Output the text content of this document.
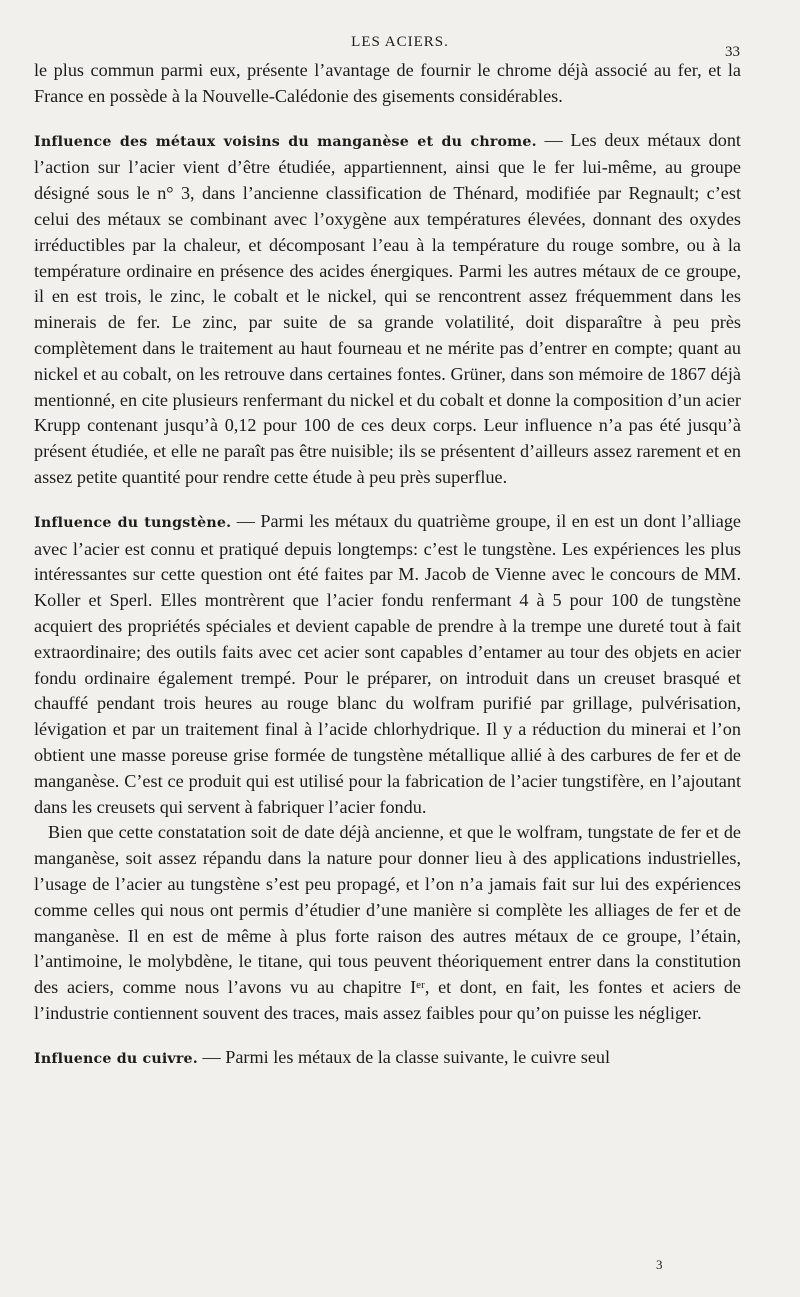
LES ACIERS.
33

le plus commun parmi eux, présente l’avantage de fournir le chrome déjà associé au fer, et la France en possède à la Nouvelle-Calédonie des gisements considérables.

Influence des métaux voisins du manganèse et du chrome. — Les deux métaux dont l’action sur l’acier vient d’être étudiée, appartiennent, ainsi que le fer lui-même, au groupe désigné sous le n° 3, dans l’ancienne classification de Thénard, modifiée par Regnault; c’est celui des métaux se combinant avec l’oxygène aux températures élevées, donnant des oxydes irréductibles par la chaleur, et décomposant l’eau à la température du rouge sombre, ou à la température ordinaire en présence des acides énergiques. Parmi les autres métaux de ce groupe, il en est trois, le zinc, le cobalt et le nickel, qui se rencontrent assez fréquemment dans les minerais de fer. Le zinc, par suite de sa grande volatilité, doit disparaître à peu près complètement dans le traitement au haut fourneau et ne mérite pas d’entrer en compte; quant au nickel et au cobalt, on les retrouve dans certaines fontes. Grüner, dans son mémoire de 1867 déjà mentionné, en cite plusieurs renfermant du nickel et du cobalt et donne la composition d’un acier Krupp contenant jusqu’à 0,12 pour 100 de ces deux corps. Leur influence n’a pas été jusqu’à présent étudiée, et elle ne paraît pas être nuisible; ils se présentent d’ailleurs assez rarement et en assez petite quantité pour rendre cette étude à peu près superflue.

Influence du tungstène. — Parmi les métaux du quatrième groupe, il en est un dont l’alliage avec l’acier est connu et pratiqué depuis longtemps: c’est le tungstène. Les expériences les plus intéressantes sur cette question ont été faites par M. Jacob de Vienne avec le concours de MM. Koller et Sperl. Elles montrèrent que l’acier fondu renfermant 4 à 5 pour 100 de tungstène acquiert des propriétés spéciales et devient capable de prendre à la trempe une dureté tout à fait extraordinaire; des outils faits avec cet acier sont capables d’entamer au tour des objets en acier fondu ordinaire également trempé. Pour le préparer, on introduit dans un creuset brasqué et chauffé pendant trois heures au rouge blanc du wolfram purifié par grillage, pulvérisation, lévigation et par un traitement final à l’acide chlorhydrique. Il y a réduction du minerai et l’on obtient une masse poreuse grise formée de tungstène métallique allié à des carbures de fer et de manganèse. C’est ce produit qui est utilisé pour la fabrication de l’acier tungstifère, en l’ajoutant dans les creusets qui servent à fabriquer l’acier fondu.

Bien que cette constatation soit de date déjà ancienne, et que le wolfram, tungstate de fer et de manganèse, soit assez répandu dans la nature pour donner lieu à des applications industrielles, l’usage de l’acier au tungstène s’est peu propagé, et l’on n’a jamais fait sur lui des expériences comme celles qui nous ont permis d’étudier d’une manière si complète les alliages de fer et de manganèse. Il en est de même à plus forte raison des autres métaux de ce groupe, l’étain, l’antimoine, le molybdène, le titane, qui tous peuvent théoriquement entrer dans la constitution des aciers, comme nous l’avons vu au chapitre Iᵉʳ, et dont, en fait, les fontes et aciers de l’industrie contiennent souvent des traces, mais assez faibles pour qu’on puisse les négliger.

Influence du cuivre. — Parmi les métaux de la classe suivante, le cuivre seul

3
